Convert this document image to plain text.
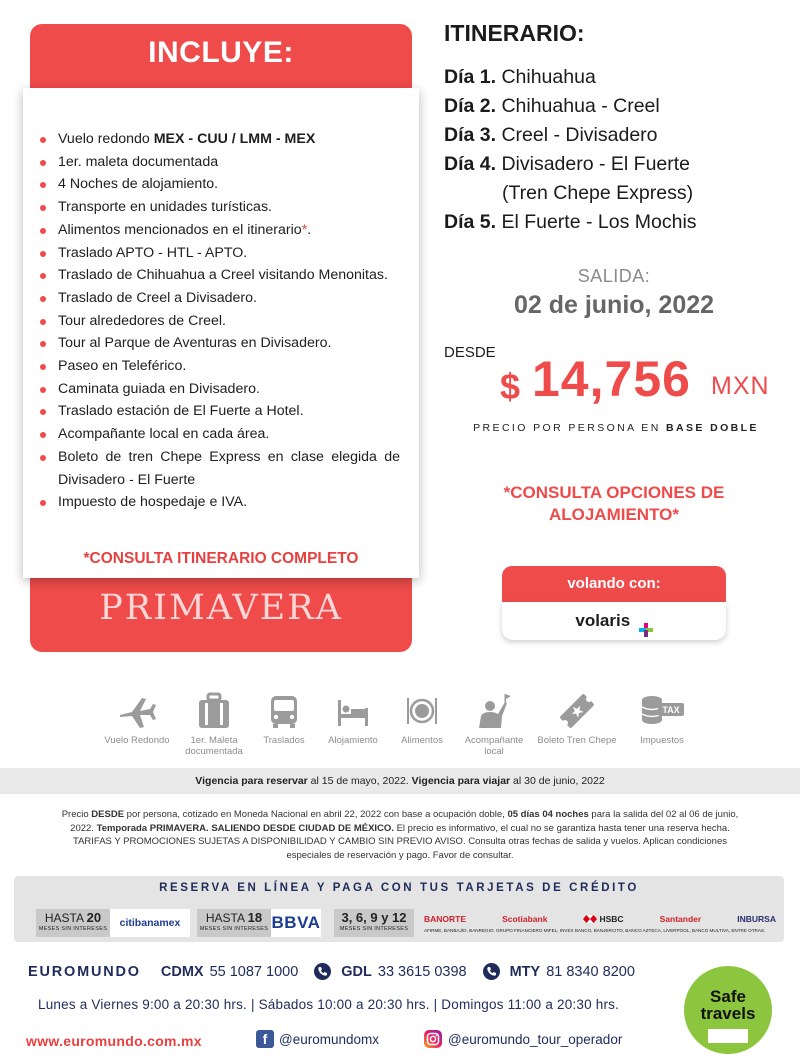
INCLUYE:
Vuelo redondo MEX - CUU / LMM - MEX
1er. maleta documentada
4 Noches de alojamiento.
Transporte en unidades turísticas.
Alimentos mencionados en el itinerario*.
Traslado APTO - HTL - APTO.
Traslado de Chihuahua a Creel visitando Menonitas.
Traslado de Creel a Divisadero.
Tour alrededores de Creel.
Tour al Parque de Aventuras en Divisadero.
Paseo en Teleférico.
Caminata guiada en Divisadero.
Traslado estación de El Fuerte a Hotel.
Acompañante local en cada área.
Boleto de tren Chepe Express en clase elegida de Divisadero - El Fuerte
Impuesto de hospedaje e IVA.
*CONSULTA ITINERARIO COMPLETO
PRIMAVERA
ITINERARIO:
Día 1. Chihuahua
Día 2. Chihuahua - Creel
Día 3. Creel - Divisadero
Día 4. Divisadero - El Fuerte
(Tren Chepe Express)
Día 5. El Fuerte - Los Mochis
SALIDA:
02 de junio, 2022
DESDE
$ 14,756 MXN
PRECIO POR PERSONA EN BASE DOBLE
*CONSULTA OPCIONES DE ALOJAMIENTO*
volando con:
volaris
Vuelo Redondo	1er. Maleta documentada
Traslados	Alojamiento	Alimentos	Acompañante local
Boleto Tren Chepe
TAX
Impuestos
Vigencia para reservar al 15 de mayo, 2022. Vigencia para viajar al 30 de junio, 2022
Precio DESDE por persona, cotizado en Moneda Nacional en abril 22, 2022 con base a ocupación doble, 05 días 04 noches para la salida del 02 al 06 de junio, 2022. Temporada PRIMAVERA. SALIENDO DESDE CIUDAD DE MÉXICO. El precio es informativo, el cual no se garantiza hasta tener una reserva hecha. TARIFAS Y PROMOCIONES SUJETAS A DISPONIBILIDAD Y CAMBIO SIN PREVIO AVISO. Consulta otras fechas de salida y vuelos. Aplican condiciones especiales de reservación y pago. Favor de consultar.
RESERVA EN LÍNEA Y PAGA CON TUS TARJETAS DE CRÉDITO
HASTA 20
MESES SIN INTERESES citibanamex	HASTA 18
MESES SIN INTERESES BBVA	3, 6, 9 y 12
MESES SIN INTERESES
BANORTE	Scotiabank	HSBC	Santander	INBURSA
AFIRME, BANBAJÍO, BANREGIO, GRUPO FINANCIERO MIFEL, INVEX BANCO, BANJERCITO, BANCO AZTECA, LIVERPOOL, BANCO MULTIVA, ENTRE OTRAS.
EUROMUNDO CDMX 55 1087 1000	GDL 33 3615 0398	MTY 81 8340 8200
Lunes a Viernes 9:00 a 20:30 hrs. | Sábados 10:00 a 20:30 hrs. | Domingos 11:00 a 20:30 hrs.
www.euromundo.com.mx	f @euromundomx	@euromundo_tour_operador
Safe
travels
